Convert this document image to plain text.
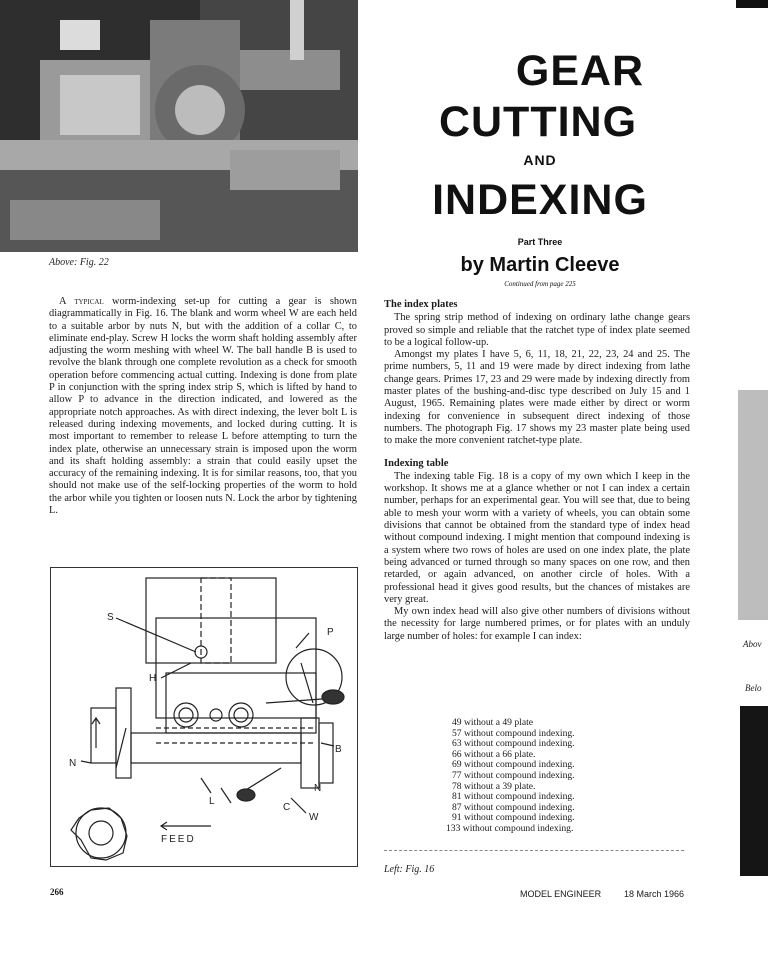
Above: Fig. 22
GEAR
CUTTING
AND
INDEXING
Part Three
by Martin Cleeve
Continued from page 225

A typical worm-indexing set-up for cutting a gear is shown diagrammatically in Fig. 16. The blank and worm wheel W are each held to a suitable arbor by nuts N, but with the addition of a collar C, to eliminate end-play. Screw H locks the worm shaft holding assembly after adjusting the worm meshing with wheel W. The ball handle B is used to revolve the blank through one complete revolution as a check for smooth operation before commencing actual cutting. Indexing is done from plate P in conjunction with the spring index strip S, which is lifted by hand to allow P to advance in the direction indicated, and lowered as the appropriate notch approaches. As with direct indexing, the lever bolt L is released during indexing movements, and locked during cutting. It is most important to remember to release L before attempting to turn the index plate, otherwise an unnecessary strain is imposed upon the worm and its shaft holding assembly: a strain that could easily upset the accuracy of the remaining indexing. It is for similar reasons, too, that you should not make use of the self-locking properties of the worm to hold the arbor while you tighten or loosen nuts N. Lock the arbor by tightening L.

S
P
H
N
B
N
C
L
W
FEED
The index plates

The spring strip method of indexing on ordinary lathe change gears proved so simple and reliable that the ratchet type of index plate seemed to be a logical follow-up.

Amongst my plates I have 5, 6, 11, 18, 21, 22, 23, 24 and 25. The prime numbers, 5, 11 and 19 were made by direct indexing from lathe change gears. Primes 17, 23 and 29 were made by indexing directly from master plates of the bushing-and-disc type described on July 15 and 1 August, 1965. Remaining plates were made either by direct or worm indexing for convenience in subsequent direct indexing of those numbers. The photograph Fig. 17 shows my 23 master plate being used to make the more convenient ratchet-type plate.

Indexing table

The indexing table Fig. 18 is a copy of my own which I keep in the workshop. It shows me at a glance whether or not I can index a certain number, perhaps for an experimental gear. You will see that, due to being able to mesh your worm with a variety of wheels, you can obtain some divisions that cannot be obtained from the standard type of index head without compound indexing. I might mention that compound indexing is a system where two rows of holes are used on one index plate, the plate being advanced or turned through so many spaces on one row, and then retarded, or again advanced, on another circle of holes. With a professional head it gives good results, but the chances of mistakes are very great.

My own index head will also give other numbers of divisions without the necessity for large numbered primes, or for plates with an unduly large number of holes: for example I can index:

49 without a 49 plate
57 without compound indexing.
63 without compound indexing.
66 without a 66 plate.
69 without compound indexing.
77 without compound indexing.
78 without a 39 plate.
81 without compound indexing.
87 without compound indexing.
91 without compound indexing.
133 without compound indexing.
Left: Fig. 16
266	MODEL ENGINEER	18 March 1966
Abov
Belo
